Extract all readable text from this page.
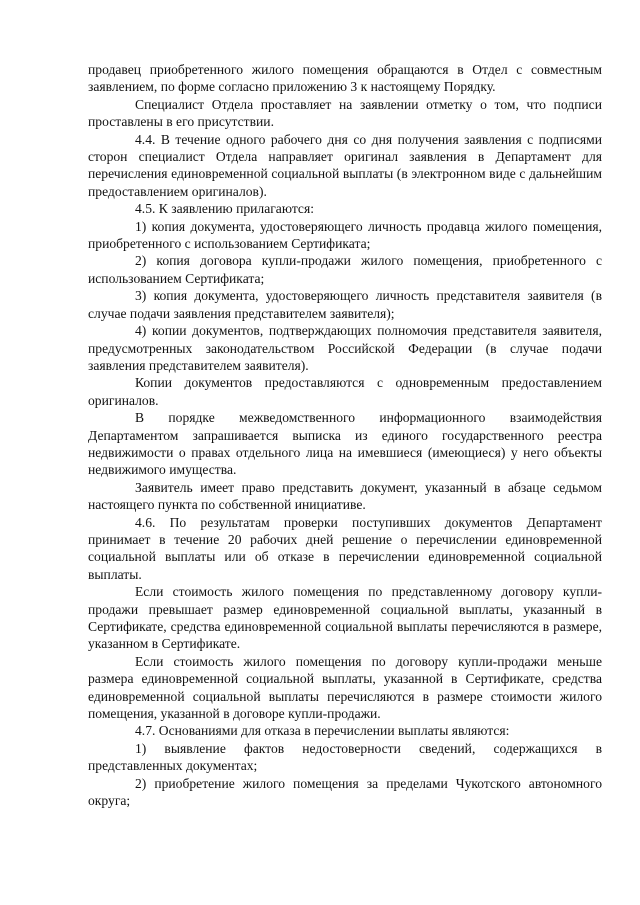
продавец приобретенного жилого помещения обращаются в Отдел с совместным заявлением, по форме согласно приложению 3 к настоящему Порядку.

Специалист Отдела проставляет на заявлении отметку о том, что подписи проставлены в его присутствии.

4.4. В течение одного рабочего дня со дня получения заявления с подписями сторон специалист Отдела направляет оригинал заявления в Департамент для перечисления единовременной социальной выплаты (в электронном виде с дальнейшим предоставлением оригиналов).

4.5. К заявлению прилагаются:

1) копия документа, удостоверяющего личность продавца жилого помещения, приобретенного с использованием Сертификата;

2) копия договора купли-продажи жилого помещения, приобретенного с использованием Сертификата;

3) копия документа, удостоверяющего личность представителя заявителя (в случае подачи заявления представителем заявителя);

4) копии документов, подтверждающих полномочия представителя заявителя, предусмотренных законодательством Российской Федерации (в случае подачи заявления представителем заявителя).

Копии документов предоставляются с одновременным предоставлением оригиналов.

В порядке межведомственного информационного взаимодействия Департаментом запрашивается выписка из единого государственного реестра недвижимости о правах отдельного лица на имевшиеся (имеющиеся) у него объекты недвижимого имущества.

Заявитель имеет право представить документ, указанный в абзаце седьмом настоящего пункта по собственной инициативе.

4.6. По результатам проверки поступивших документов Департамент принимает в течение 20 рабочих дней решение о перечислении единовременной социальной выплаты или об отказе в перечислении единовременной социальной выплаты.

Если стоимость жилого помещения по представленному договору купли-продажи превышает размер единовременной социальной выплаты, указанный в Сертификате, средства единовременной социальной выплаты перечисляются в размере, указанном в Сертификате.

Если стоимость жилого помещения по договору купли-продажи меньше размера единовременной социальной выплаты, указанной в Сертификате, средства единовременной социальной выплаты перечисляются в размере стоимости жилого помещения, указанной в договоре купли-продажи.

4.7. Основаниями для отказа в перечислении выплаты являются:

1) выявление фактов недостоверности сведений, содержащихся в представленных документах;

2) приобретение жилого помещения за пределами Чукотского автономного округа;
